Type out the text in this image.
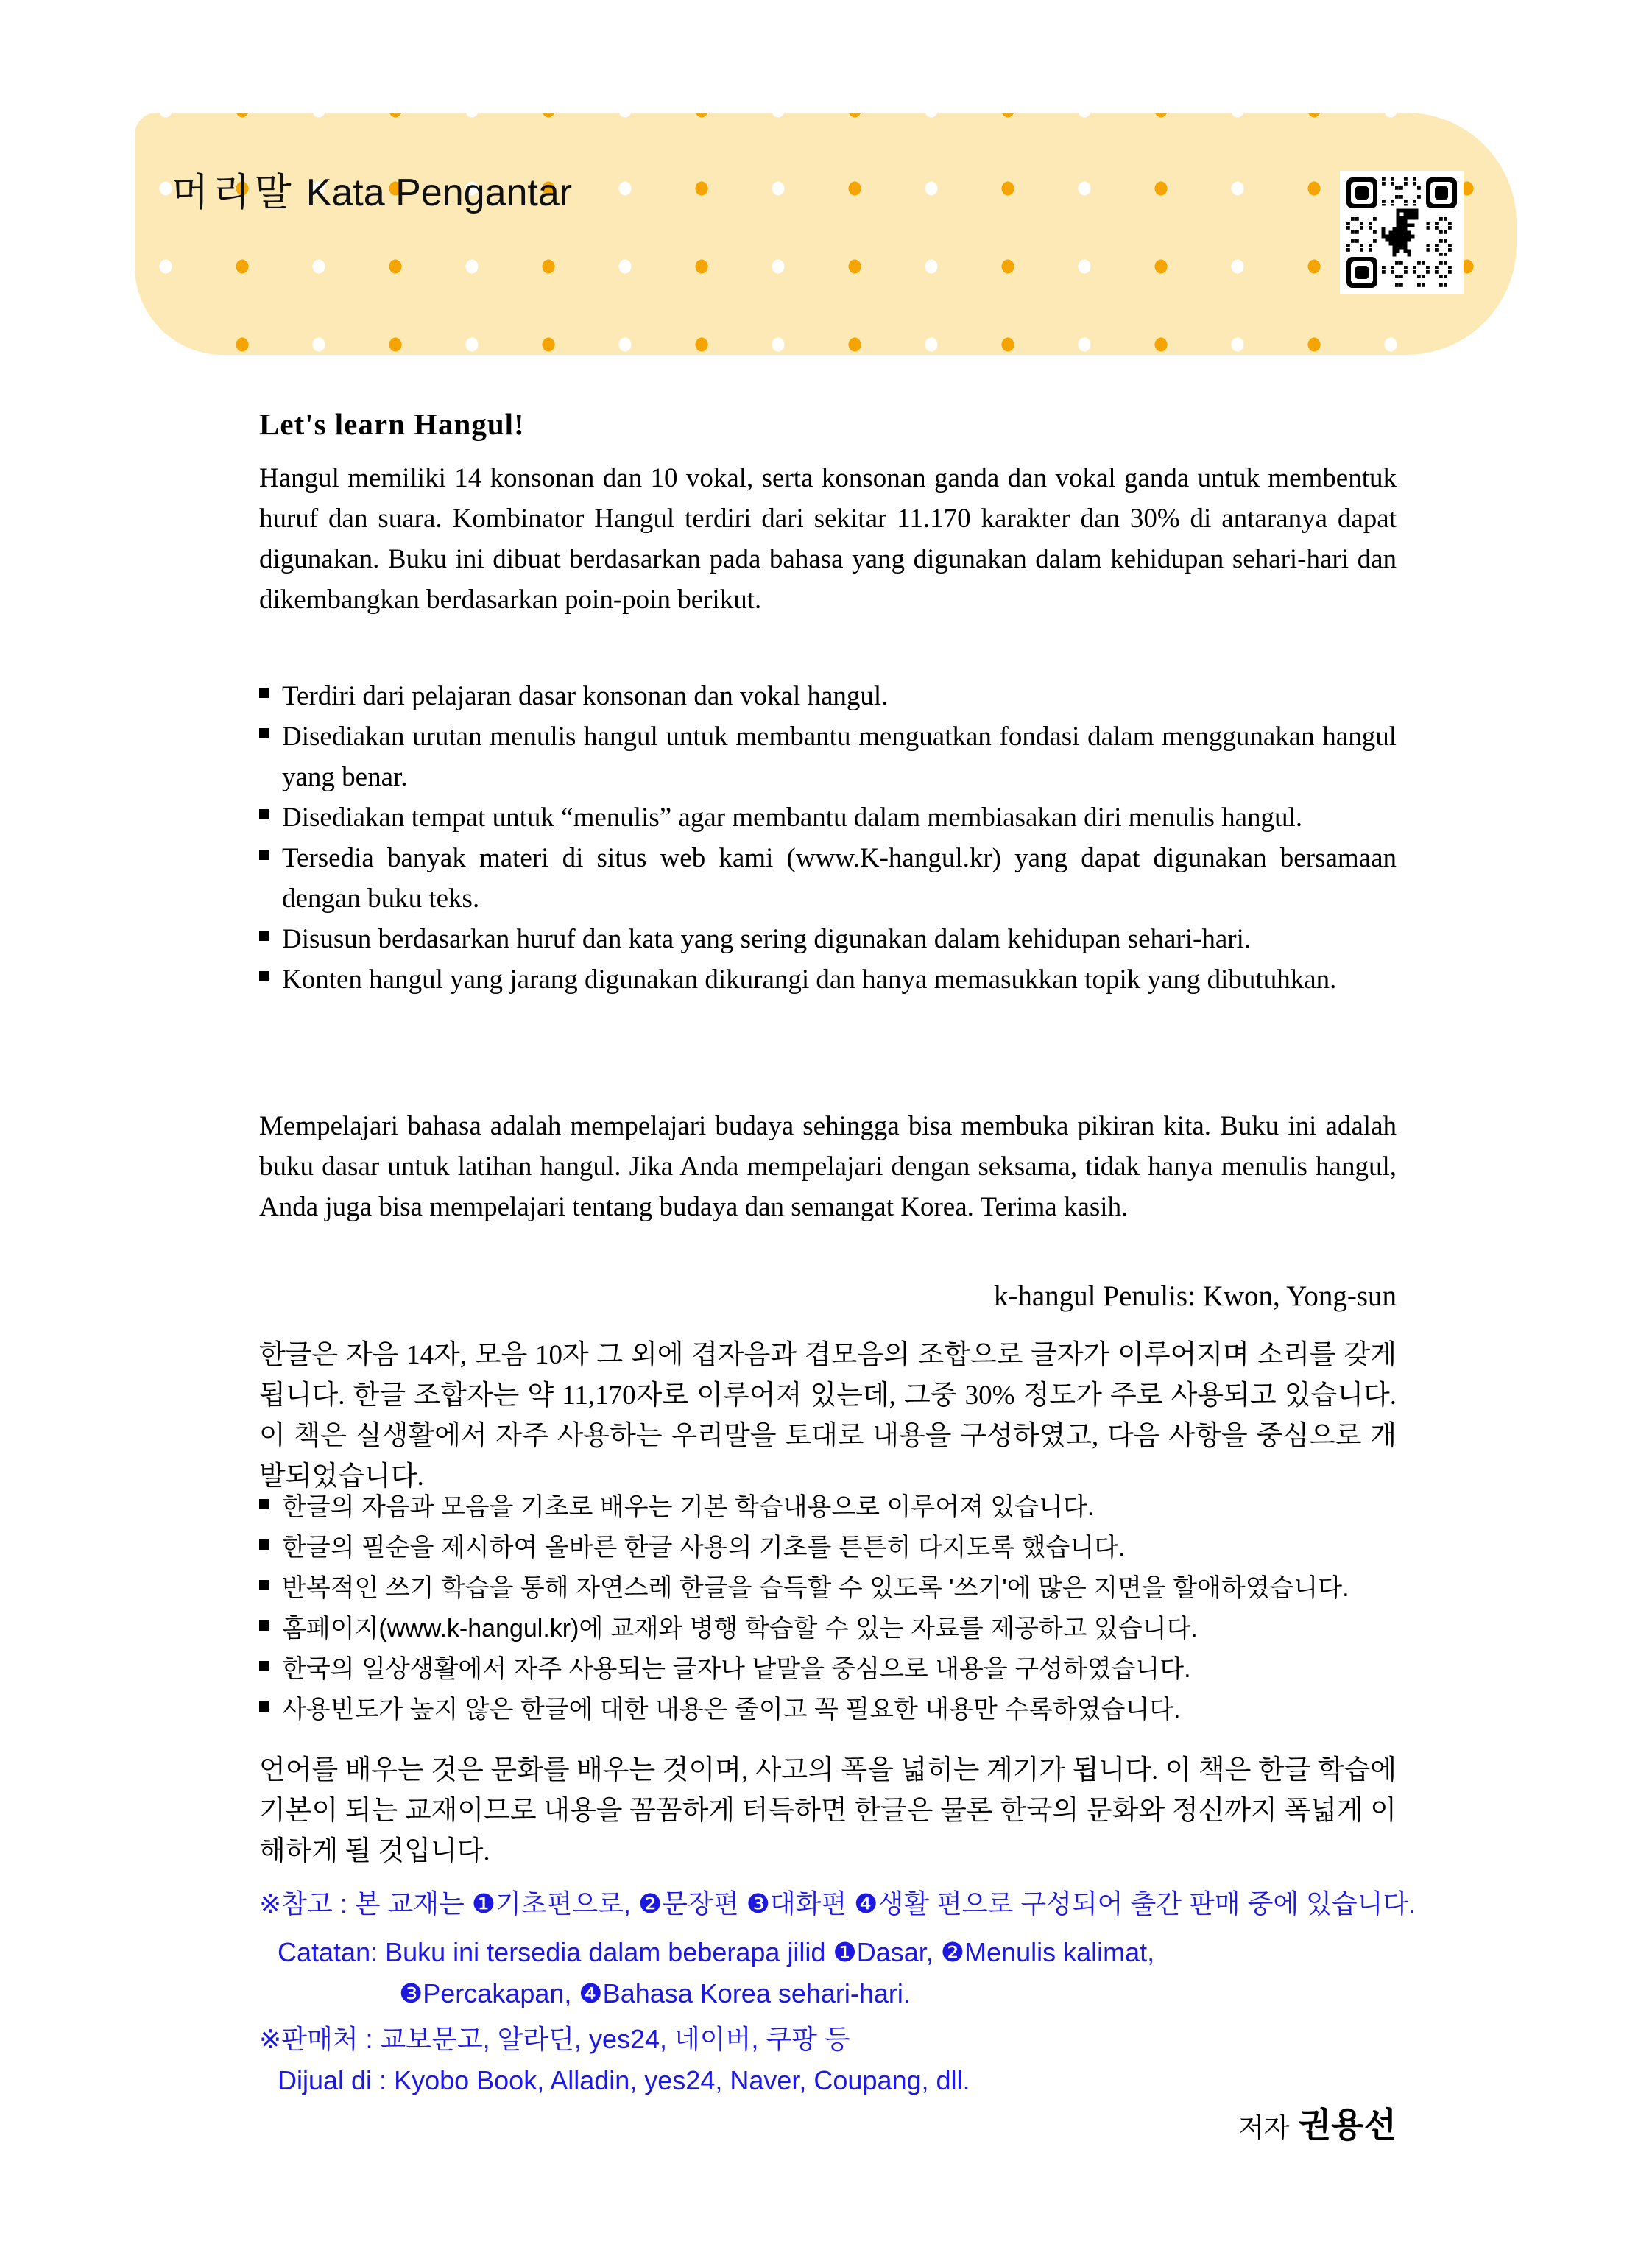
머리말 Kata Pengantar
Let's learn Hangul!

Hangul memiliki 14 konsonan dan 10 vokal, serta konsonan ganda dan vokal ganda untuk membentuk huruf dan suara. Kombinator Hangul terdiri dari sekitar 11.170 karakter dan 30% di antaranya dapat digunakan. Buku ini dibuat berdasarkan pada bahasa yang digunakan dalam kehidupan sehari-hari dan dikembangkan berdasarkan poin-poin berikut.

Terdiri dari pelajaran dasar konsonan dan vokal hangul.
Disediakan urutan menulis hangul untuk membantu menguatkan fondasi dalam menggunakan hangul yang benar.
Disediakan tempat untuk “menulis” agar membantu dalam membiasakan diri menulis hangul.
Tersedia banyak materi di situs web kami (www.K-hangul.kr) yang dapat digunakan bersamaan dengan buku teks.
Disusun berdasarkan huruf dan kata yang sering digunakan dalam kehidupan sehari-hari.
Konten hangul yang jarang digunakan dikurangi dan hanya memasukkan topik yang dibutuhkan.

Mempelajari bahasa adalah mempelajari budaya sehingga bisa membuka pikiran kita. Buku ini adalah buku dasar untuk latihan hangul. Jika Anda mempelajari dengan seksama, tidak hanya menulis hangul, Anda juga bisa mempelajari tentang budaya dan semangat Korea. Terima kasih.

k-hangul Penulis: Kwon, Yong-sun

한글은 자음 14자, 모음 10자 그 외에 겹자음과 겹모음의 조합으로 글자가 이루어지며 소리를 갖게 됩니다. 한글 조합자는 약 11,170자로 이루어져 있는데, 그중 30% 정도가 주로 사용되고 있습니다. 이 책은 실생활에서 자주 사용하는 우리말을 토대로 내용을 구성하였고, 다음 사항을 중심으로 개발되었습니다.

한글의 자음과 모음을 기초로 배우는 기본 학습내용으로 이루어져 있습니다.
한글의 필순을 제시하여 올바른 한글 사용의 기초를 튼튼히 다지도록 했습니다.
반복적인 쓰기 학습을 통해 자연스레 한글을 습득할 수 있도록 '쓰기'에 많은 지면을 할애하였습니다.
홈페이지(www.k-hangul.kr)에 교재와 병행 학습할 수 있는 자료를 제공하고 있습니다.
한국의 일상생활에서 자주 사용되는 글자나 낱말을 중심으로 내용을 구성하였습니다.
사용빈도가 높지 않은 한글에 대한 내용은 줄이고 꼭 필요한 내용만 수록하였습니다.

언어를 배우는 것은 문화를 배우는 것이며, 사고의 폭을 넓히는 계기가 됩니다. 이 책은 한글 학습에 기본이 되는 교재이므로 내용을 꼼꼼하게 터득하면 한글은 물론 한국의 문화와 정신까지 폭넓게 이해하게 될 것입니다.

※참고 : 본 교재는 ❶기초편으로, ❷문장편 ❸대화편 ❹생활 편으로 구성되어 출간 판매 중에 있습니다.

Catatan: Buku ini tersedia dalam beberapa jilid ❶Dasar, ❷Menulis kalimat,

❸Percakapan, ❹Bahasa Korea sehari-hari.

※판매처 : 교보문고, 알라딘, yes24, 네이버, 쿠팡 등

Dijual di : Kyobo Book, Alladin, yes24, Naver, Coupang, dll.

저자 권용선
